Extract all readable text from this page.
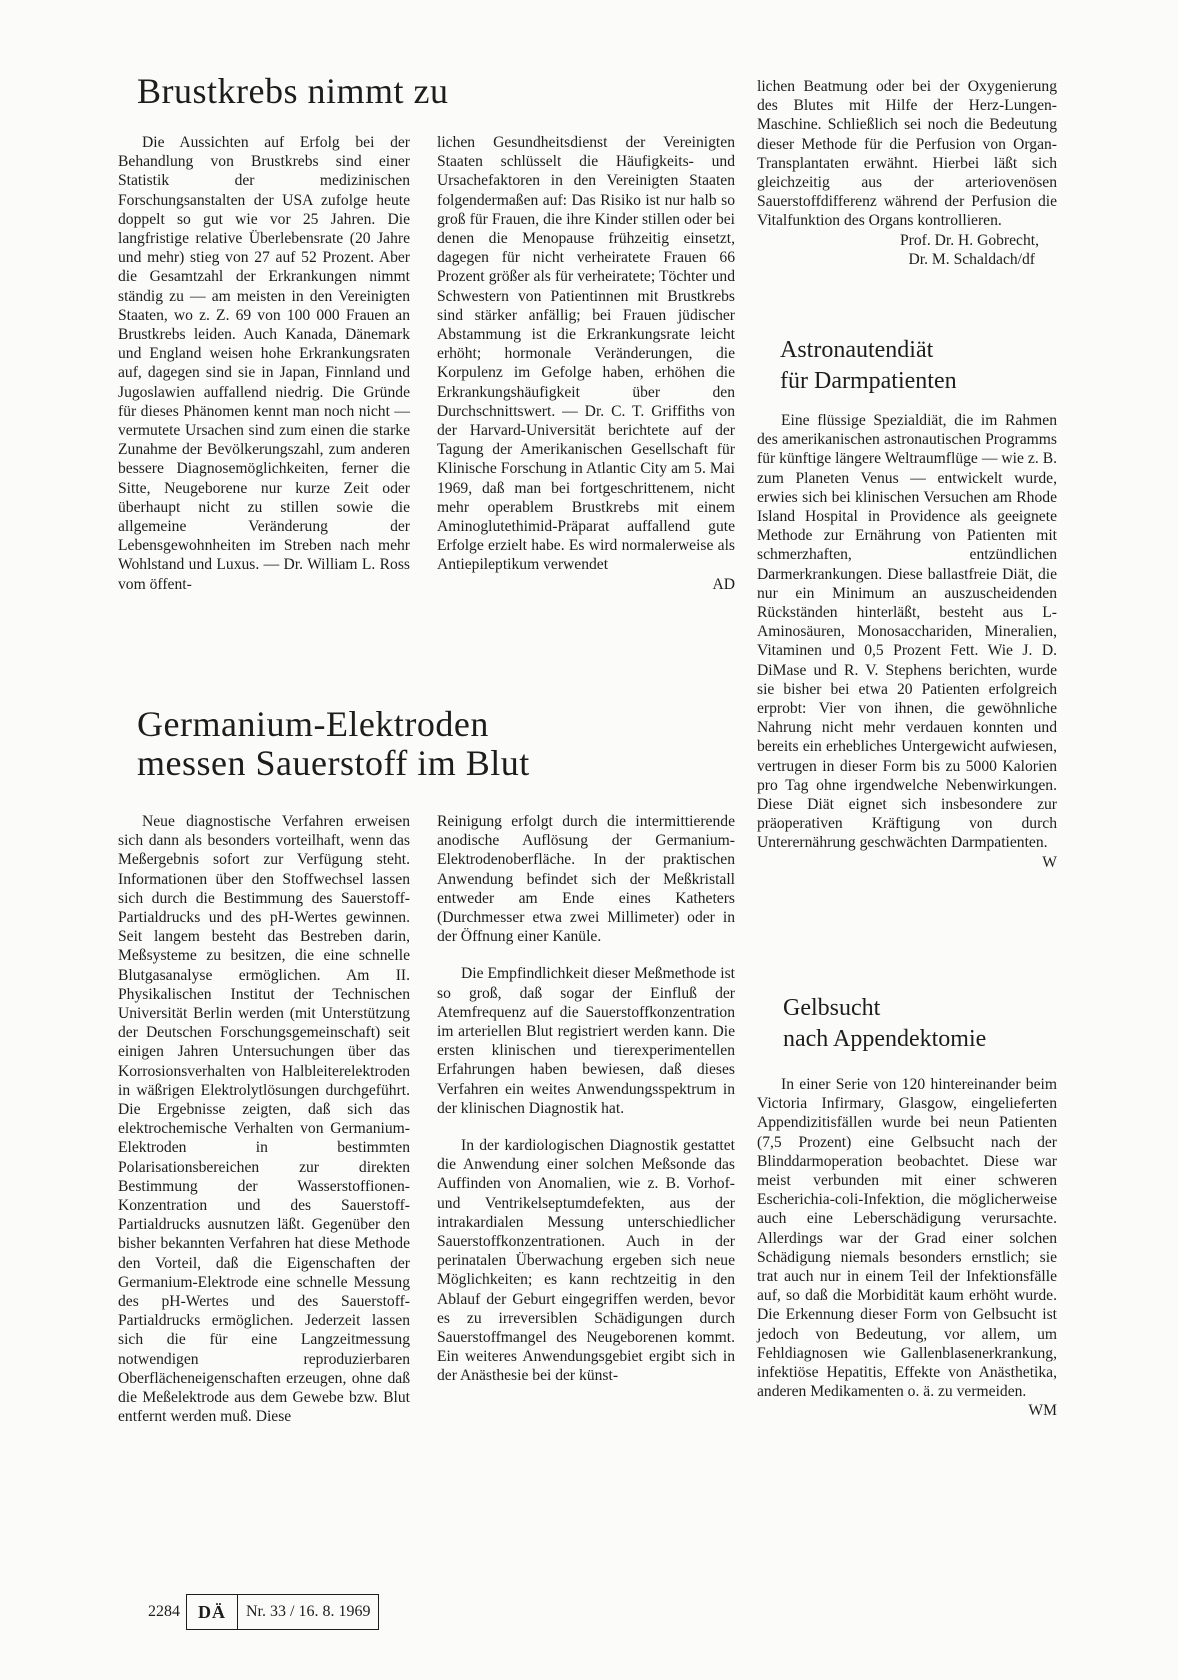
Brustkrebs nimmt zu

Die Aussichten auf Erfolg bei der Behandlung von Brustkrebs sind einer Statistik der medizinischen Forschungsanstalten der USA zufolge heute doppelt so gut wie vor 25 Jahren. Die langfristige relative Überlebensrate (20 Jahre und mehr) stieg von 27 auf 52 Prozent. Aber die Gesamtzahl der Erkrankungen nimmt ständig zu — am meisten in den Vereinigten Staaten, wo z. Z. 69 von 100 000 Frauen an Brustkrebs leiden. Auch Kanada, Dänemark und England weisen hohe Erkrankungsraten auf, dagegen sind sie in Japan, Finnland und Jugoslawien auffallend niedrig. Die Gründe für dieses Phänomen kennt man noch nicht — vermutete Ursachen sind zum einen die starke Zunahme der Bevölkerungszahl, zum anderen bessere Diagnosemöglichkeiten, ferner die Sitte, Neugeborene nur kurze Zeit oder überhaupt nicht zu stillen sowie die allgemeine Veränderung der Lebensgewohnheiten im Streben nach mehr Wohlstand und Luxus. — Dr. William L. Ross vom öffent-

lichen Gesundheitsdienst der Vereinigten Staaten schlüsselt die Häufigkeits- und Ursachefaktoren in den Vereinigten Staaten folgendermaßen auf: Das Risiko ist nur halb so groß für Frauen, die ihre Kinder stillen oder bei denen die Menopause frühzeitig einsetzt, dagegen für nicht verheiratete Frauen 66 Prozent größer als für verheiratete; Töchter und Schwestern von Patientinnen mit Brustkrebs sind stärker anfällig; bei Frauen jüdischer Abstammung ist die Erkrankungsrate leicht erhöht; hormonale Veränderungen, die Korpulenz im Gefolge haben, erhöhen die Erkrankungshäufigkeit über den Durchschnittswert. — Dr. C. T. Griffiths von der Harvard-Universität berichtete auf der Tagung der Amerikanischen Gesellschaft für Klinische Forschung in Atlantic City am 5. Mai 1969, daß man bei fortgeschrittenem, nicht mehr operablem Brustkrebs mit einem Aminoglutethimid-Präparat auffallend gute Erfolge erzielt habe. Es wird normalerweise als Antiepileptikum verwendet

AD

lichen Beatmung oder bei der Oxygenierung des Blutes mit Hilfe der Herz-Lungen-Maschine. Schließlich sei noch die Bedeutung dieser Methode für die Perfusion von Organ-Transplantaten erwähnt. Hierbei läßt sich gleichzeitig aus der arteriovenösen Sauerstoffdifferenz während der Perfusion die Vitalfunktion des Organs kontrollieren.

Prof. Dr. H. Gobrecht,
Dr. M. Schaldach/df
Astronautendiät
für Darmpatienten

Eine flüssige Spezialdiät, die im Rahmen des amerikanischen astronautischen Programms für künftige längere Weltraumflüge — wie z. B. zum Planeten Venus — entwickelt wurde, erwies sich bei klinischen Versuchen am Rhode Island Hospital in Providence als geeignete Methode zur Ernährung von Patienten mit schmerzhaften, entzündlichen Darmerkrankungen. Diese ballastfreie Diät, die nur ein Minimum an auszuscheidenden Rückständen hinterläßt, besteht aus L-Aminosäuren, Monosacchariden, Mineralien, Vitaminen und 0,5 Prozent Fett. Wie J. D. DiMase und R. V. Stephens berichten, wurde sie bisher bei etwa 20 Patienten erfolgreich erprobt: Vier von ihnen, die gewöhnliche Nahrung nicht mehr verdauen konnten und bereits ein erhebliches Untergewicht aufwiesen, vertrugen in dieser Form bis zu 5000 Kalorien pro Tag ohne irgendwelche Nebenwirkungen. Diese Diät eignet sich insbesondere zur präoperativen Kräftigung von durch Unterernährung geschwächten Darmpatienten.

W
Germanium-Elektroden
messen Sauerstoff im Blut

Neue diagnostische Verfahren erweisen sich dann als besonders vorteilhaft, wenn das Meßergebnis sofort zur Verfügung steht. Informationen über den Stoffwechsel lassen sich durch die Bestimmung des Sauerstoff-Partialdrucks und des pH-Wertes gewinnen. Seit langem besteht das Bestreben darin, Meßsysteme zu besitzen, die eine schnelle Blutgasanalyse ermöglichen. Am II. Physikalischen Institut der Technischen Universität Berlin werden (mit Unterstützung der Deutschen Forschungsgemeinschaft) seit einigen Jahren Untersuchungen über das Korrosionsverhalten von Halbleiterelektroden in wäßrigen Elektrolytlösungen durchgeführt. Die Ergebnisse zeigten, daß sich das elektrochemische Verhalten von Germanium-Elektroden in bestimmten Polarisationsbereichen zur direkten Bestimmung der Wasserstoffionen-Konzentration und des Sauerstoff-Partialdrucks ausnutzen läßt. Gegenüber den bisher bekannten Verfahren hat diese Methode den Vorteil, daß die Eigenschaften der Germanium-Elektrode eine schnelle Messung des pH-Wertes und des Sauerstoff-Partialdrucks ermöglichen. Jederzeit lassen sich die für eine Langzeitmessung notwendigen reproduzierbaren Oberflächeneigenschaften erzeugen, ohne daß die Meßelektrode aus dem Gewebe bzw. Blut entfernt werden muß. Diese

Reinigung erfolgt durch die intermittierende anodische Auflösung der Germanium-Elektrodenoberfläche. In der praktischen Anwendung befindet sich der Meßkristall entweder am Ende eines Katheters (Durchmesser etwa zwei Millimeter) oder in der Öffnung einer Kanüle.

Die Empfindlichkeit dieser Meßmethode ist so groß, daß sogar der Einfluß der Atemfrequenz auf die Sauerstoffkonzentration im arteriellen Blut registriert werden kann. Die ersten klinischen und tierexperimentellen Erfahrungen haben bewiesen, daß dieses Verfahren ein weites Anwendungsspektrum in der klinischen Diagnostik hat.

In der kardiologischen Diagnostik gestattet die Anwendung einer solchen Meßsonde das Auffinden von Anomalien, wie z. B. Vorhof- und Ventrikelseptumdefekten, aus der intrakardialen Messung unterschiedlicher Sauerstoffkonzentrationen. Auch in der perinatalen Überwachung ergeben sich neue Möglichkeiten; es kann rechtzeitig in den Ablauf der Geburt eingegriffen werden, bevor es zu irreversiblen Schädigungen durch Sauerstoffmangel des Neugeborenen kommt. Ein weiteres Anwendungsgebiet ergibt sich in der Anästhesie bei der künst-

Gelbsucht
nach Appendektomie

In einer Serie von 120 hintereinander beim Victoria Infirmary, Glasgow, eingelieferten Appendizitisfällen wurde bei neun Patienten (7,5 Prozent) eine Gelbsucht nach der Blinddarmoperation beobachtet. Diese war meist verbunden mit einer schweren Escherichia-coli-Infektion, die möglicherweise auch eine Leberschädigung verursachte. Allerdings war der Grad einer solchen Schädigung niemals besonders ernstlich; sie trat auch nur in einem Teil der Infektionsfälle auf, so daß die Morbidität kaum erhöht wurde. Die Erkennung dieser Form von Gelbsucht ist jedoch von Bedeutung, vor allem, um Fehldiagnosen wie Gallenblasenerkrankung, infektiöse Hepatitis, Effekte von Anästhetika, anderen Medikamenten o. ä. zu vermeiden.

WM
2284	DÄ	Nr. 33 / 16. 8. 1969
